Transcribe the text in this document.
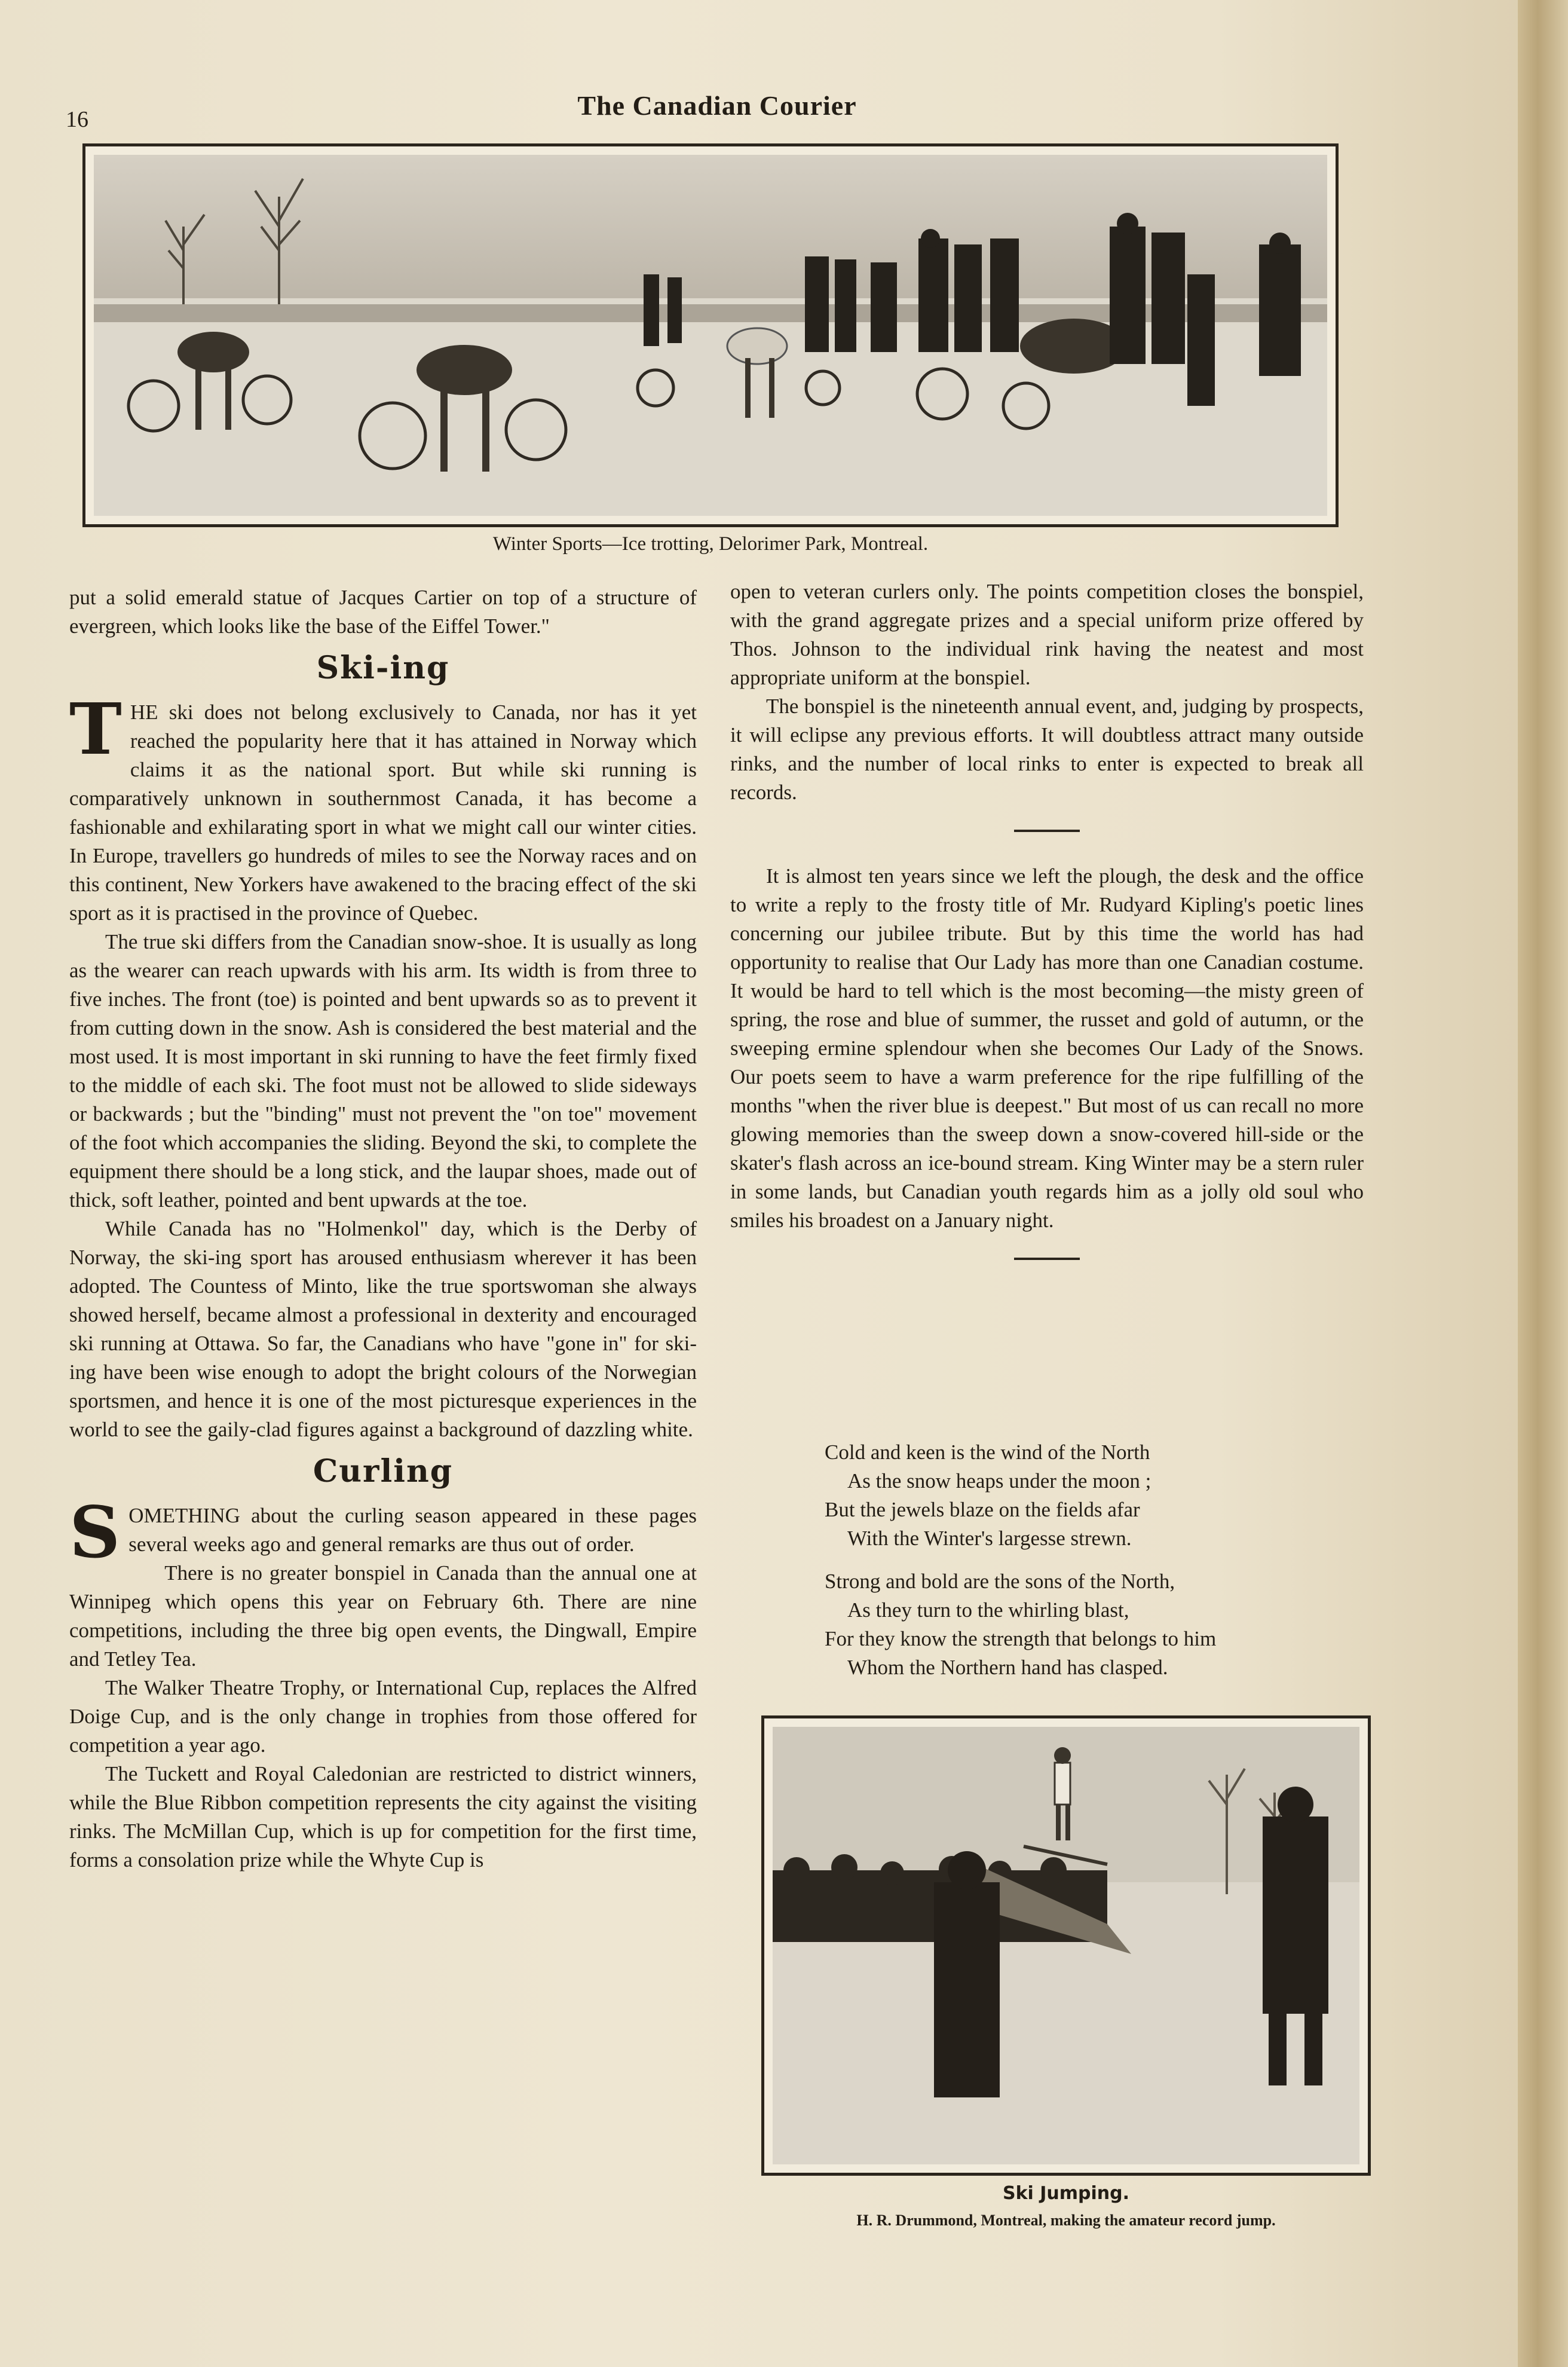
16	The Canadian Courier
Winter Sports—Ice trotting, Delorimer Park, Montreal.

put a solid emerald statue of Jacques Cartier on top of a structure of evergreen, which looks like the base of the Eiffel Tower."

Ski-ing

THE ski does not belong exclusively to Canada, nor has it yet reached the popularity here that it has attained in Norway which claims it as the national sport. But while ski running is comparatively unknown in southernmost Canada, it has become a fashionable and exhilarating sport in what we might call our winter cities. In Europe, travellers go hundreds of miles to see the Norway races and on this continent, New Yorkers have awakened to the bracing effect of the ski sport as it is practised in the province of Quebec.

The true ski differs from the Canadian snow-shoe. It is usually as long as the wearer can reach upwards with his arm. Its width is from three to five inches. The front (toe) is pointed and bent upwards so as to prevent it from cutting down in the snow. Ash is considered the best material and the most used. It is most important in ski running to have the feet firmly fixed to the middle of each ski. The foot must not be allowed to slide sideways or backwards ; but the "binding" must not prevent the "on toe" movement of the foot which accompanies the sliding. Beyond the ski, to complete the equipment there should be a long stick, and the laupar shoes, made out of thick, soft leather, pointed and bent upwards at the toe.

While Canada has no "Holmenkol" day, which is the Derby of Norway, the ski-ing sport has aroused enthusiasm wherever it has been adopted. The Countess of Minto, like the true sportswoman she always showed herself, became almost a professional in dexterity and encouraged ski running at Ottawa. So far, the Canadians who have "gone in" for ski-ing have been wise enough to adopt the bright colours of the Norwegian sportsmen, and hence it is one of the most picturesque experiences in the world to see the gaily-clad figures against a background of dazzling white.

Curling

SOMETHING about the curling season appeared in these pages several weeks ago and general remarks are thus out of order.

There is no greater bonspiel in Canada than the annual one at Winnipeg which opens this year on February 6th. There are nine competitions, including the three big open events, the Dingwall, Empire and Tetley Tea.

The Walker Theatre Trophy, or International Cup, replaces the Alfred Doige Cup, and is the only change in trophies from those offered for competition a year ago.

The Tuckett and Royal Caledonian are restricted to district winners, while the Blue Ribbon competition represents the city against the visiting rinks. The McMillan Cup, which is up for competition for the first time, forms a consolation prize while the Whyte Cup is

open to veteran curlers only. The points competition closes the bonspiel, with the grand aggregate prizes and a special uniform prize offered by Thos. Johnson to the individual rink having the neatest and most appropriate uniform at the bonspiel.

The bonspiel is the nineteenth annual event, and, judging by prospects, it will eclipse any previous efforts. It will doubtless attract many outside rinks, and the number of local rinks to enter is expected to break all records.

It is almost ten years since we left the plough, the desk and the office to write a reply to the frosty title of Mr. Rudyard Kipling's poetic lines concerning our jubilee tribute. But by this time the world has had opportunity to realise that Our Lady has more than one Canadian costume. It would be hard to tell which is the most becoming—the misty green of spring, the rose and blue of summer, the russet and gold of autumn, or the sweeping ermine splendour when she becomes Our Lady of the Snows. Our poets seem to have a warm preference for the ripe fulfilling of the months "when the river blue is deepest." But most of us can recall no more glowing memories than the sweep down a snow-covered hill-side or the skater's flash across an ice-bound stream. King Winter may be a stern ruler in some lands, but Canadian youth regards him as a jolly old soul who smiles his broadest on a January night.

Cold and keen is the wind of the North
As the snow heaps under the moon ;
But the jewels blaze on the fields afar
With the Winter's largesse strewn.
Strong and bold are the sons of the North,
As they turn to the whirling blast,
For they know the strength that belongs to him
Whom the Northern hand has clasped.
Ski Jumping.
H. R. Drummond, Montreal, making the amateur record jump.
